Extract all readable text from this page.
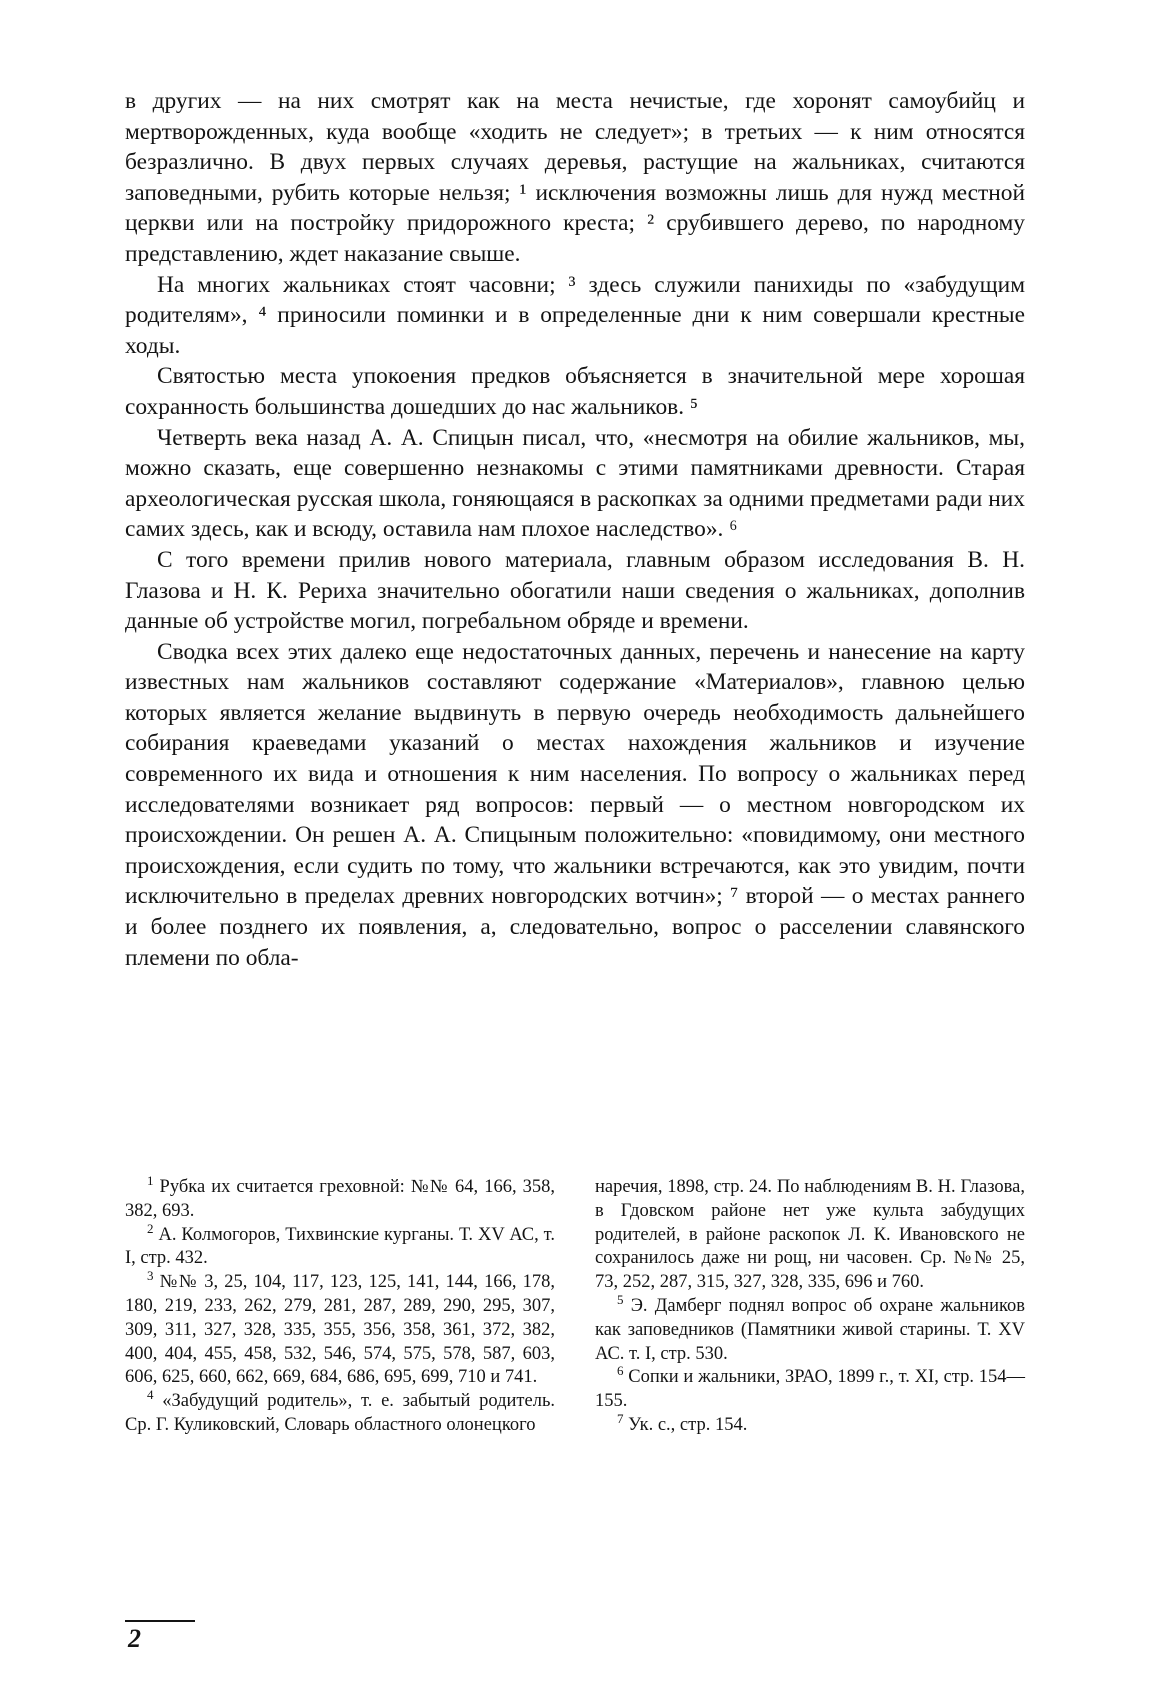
в других — на них смотрят как на места нечистые, где хоронят самоубийц и мертворожденных, куда вообще «ходить не следует»; в третьих — к ним относятся безразлично. В двух первых случаях деревья, растущие на жальниках, считаются заповедными, рубить которые нельзя; ¹ исключения возможны лишь для нужд местной церкви или на постройку придорожного креста; ² срубившего дерево, по народному представлению, ждет наказание свыше.

На многих жальниках стоят часовни; ³ здесь служили панихиды по «забудущим родителям», ⁴ приносили поминки и в определенные дни к ним совершали крестные ходы.

Святостью места упокоения предков объясняется в значительной мере хорошая сохранность большинства дошедших до нас жальников. ⁵

Четверть века назад А. А. Спицын писал, что, «несмотря на обилие жальников, мы, можно сказать, еще совершенно незнакомы с этими памятниками древности. Старая археологическая русская школа, гоняющаяся в раскопках за одними предметами ради них самих здесь, как и всюду, оставила нам плохое наследство». ⁶

С того времени прилив нового материала, главным образом исследования В. Н. Глазова и Н. К. Рериха значительно обогатили наши сведения о жальниках, дополнив данные об устройстве могил, погребальном обряде и времени.

Сводка всех этих далеко еще недостаточных данных, перечень и нанесение на карту известных нам жальников составляют содержание «Материалов», главною целью которых является желание выдвинуть в первую очередь необходимость дальнейшего собирания краеведами указаний о местах нахождения жальников и изучение современного их вида и отношения к ним населения. По вопросу о жальниках перед исследователями возникает ряд вопросов: первый — о местном новгородском их происхождении. Он решен А. А. Спицыным положительно: «повидимому, они местного происхождения, если судить по тому, что жальники встречаются, как это увидим, почти исключительно в пределах древних новгородских вотчин»; ⁷ второй — о местах раннего и более позднего их появления, а, следовательно, вопрос о расселении славянского племени по обла-

$^1$ Рубка их считается греховной: №№ 64, 166, 358, 382, 693.

$^2$ А. Колмогоров, Тихвинские курганы. Т. XV АС, т. I, стр. 432.

$^3$ №№ 3, 25, 104, 117, 123, 125, 141, 144, 166, 178, 180, 219, 233, 262, 279, 281, 287, 289, 290, 295, 307, 309, 311, 327, 328, 335, 355, 356, 358, 361, 372, 382, 400, 404, 455, 458, 532, 546, 574, 575, 578, 587, 603, 606, 625, 660, 662, 669, 684, 686, 695, 699, 710 и 741.

$^4$ «Забудущий родитель», т. е. забытый родитель. Ср. Г. Куликовский, Словарь областного олонецкого

наречия, 1898, стр. 24. По наблюдениям В. Н. Глазова, в Гдовском районе нет уже культа забудущих родителей, в районе раскопок Л. К. Ивановского не сохранилось даже ни рощ, ни часовен. Ср. №№ 25, 73, 252, 287, 315, 327, 328, 335, 696 и 760.

$^5$ Э. Дамберг поднял вопрос об охране жальников как заповедников (Памятники живой старины. Т. XV АС. т. I, стр. 530.

$^6$ Сопки и жальники, ЗРАО, 1899 г., т. XI, стр. 154—155.

$^7$ Ук. с., стр. 154.

2
